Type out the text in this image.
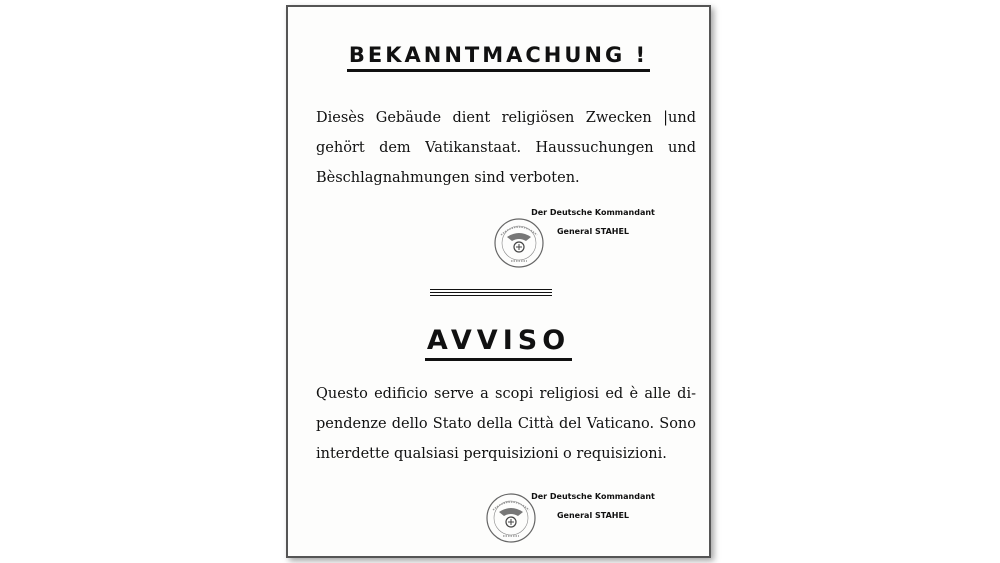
BEKANNTMACHUNG !
Diesès Gebäude dient religiösen Zwecken |und
gehört dem Vatikanstaat. Haussuchungen und
Bèschlagnahmungen sind verboten.
Der Deutsche Kommandant
General STAHEL
AVVISO
Questo edificio serve a scopi religiosi ed è alle di-
pendenze dello Stato della Città del Vaticano. Sono
interdette qualsiasi perquisizioni o requisizioni.
Der Deutsche Kommandant
General STAHEL
